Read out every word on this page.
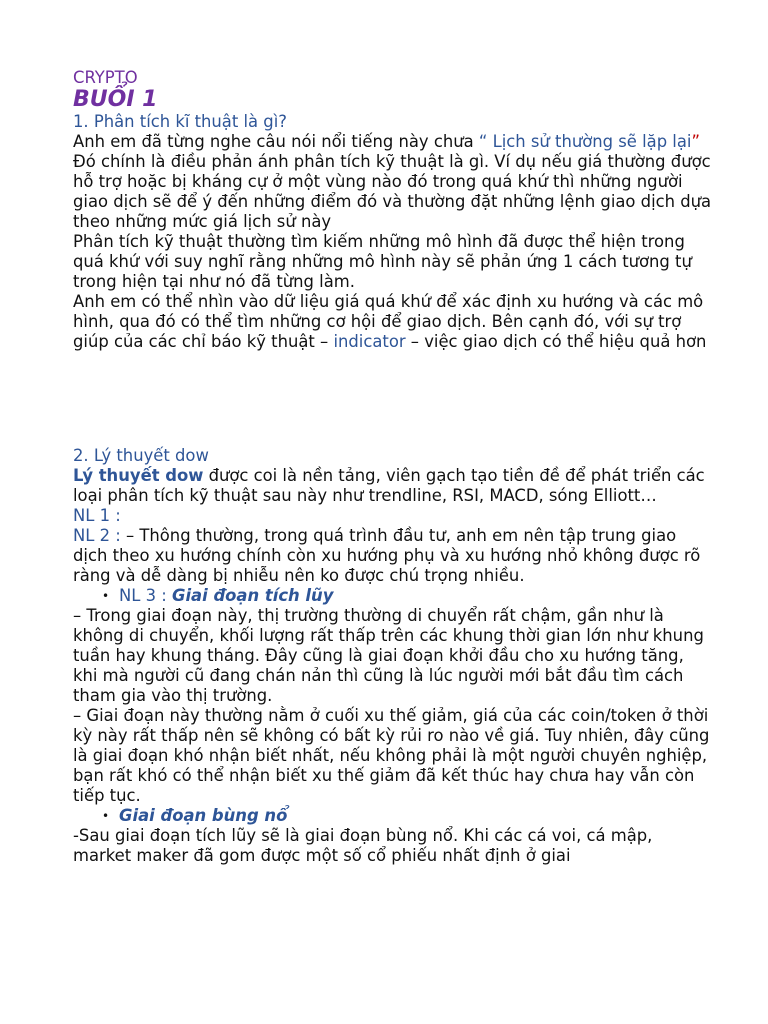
CRYPTO

BUỔI 1

1. Phân tích kĩ thuật là gì?

Anh em đã từng nghe câu nói nổi tiếng này chưa “ Lịch sử thường sẽ lặp lại”

Đó chính là điều phản ánh phân tích kỹ thuật là gì. Ví dụ nếu giá thường được hỗ trợ hoặc bị kháng cự ở một vùng nào đó trong quá khứ thì những người giao dịch sẽ để ý đến những điểm đó và thường đặt những lệnh giao dịch dựa theo những mức giá lịch sử này

Phân tích kỹ thuật thường tìm kiếm những mô hình đã được thể hiện trong quá khứ với suy nghĩ rằng những mô hình này sẽ phản ứng 1 cách tương tự trong hiện tại như nó đã từng làm.

Anh em có thể nhìn vào dữ liệu giá quá khứ để xác định xu hướng và các mô hình, qua đó có thể tìm những cơ hội để giao dịch. Bên cạnh đó, với sự trợ giúp của các chỉ báo kỹ thuật – indicator – việc giao dịch có thể hiệu quả hơn

2. Lý thuyết dow

Lý thuyết dow được coi là nền tảng, viên gạch tạo tiền đề để phát triển các loại phân tích kỹ thuật sau này như trendline, RSI, MACD, sóng Elliott…

NL 1 :

NL 2 : – Thông thường, trong quá trình đầu tư, anh em nên tập trung giao dịch theo xu hướng chính còn xu hướng phụ và xu hướng nhỏ không được rõ ràng và dễ dàng bị nhiễu nên ko được chú trọng nhiều.

• NL 3 : Giai đoạn tích lũy

– Trong giai đoạn này, thị trường thường di chuyển rất chậm, gần như là không di chuyển, khối lượng rất thấp trên các khung thời gian lớn như khung tuần hay khung tháng. Đây cũng là giai đoạn khởi đầu cho xu hướng tăng, khi mà người cũ đang chán nản thì cũng là lúc người mới bắt đầu tìm cách tham gia vào thị trường.

– Giai đoạn này thường nằm ở cuối xu thế giảm, giá của các coin/token ở thời kỳ này rất thấp nên sẽ không có bất kỳ rủi ro nào về giá. Tuy nhiên, đây cũng là giai đoạn khó nhận biết nhất, nếu không phải là một người chuyên nghiệp, bạn rất khó có thể nhận biết xu thế giảm đã kết thúc hay chưa hay vẫn còn tiếp tục.

• Giai đoạn bùng nổ

-Sau giai đoạn tích lũy sẽ là giai đoạn bùng nổ. Khi các cá voi, cá mập, market maker đã gom được một số cổ phiếu nhất định ở giai
